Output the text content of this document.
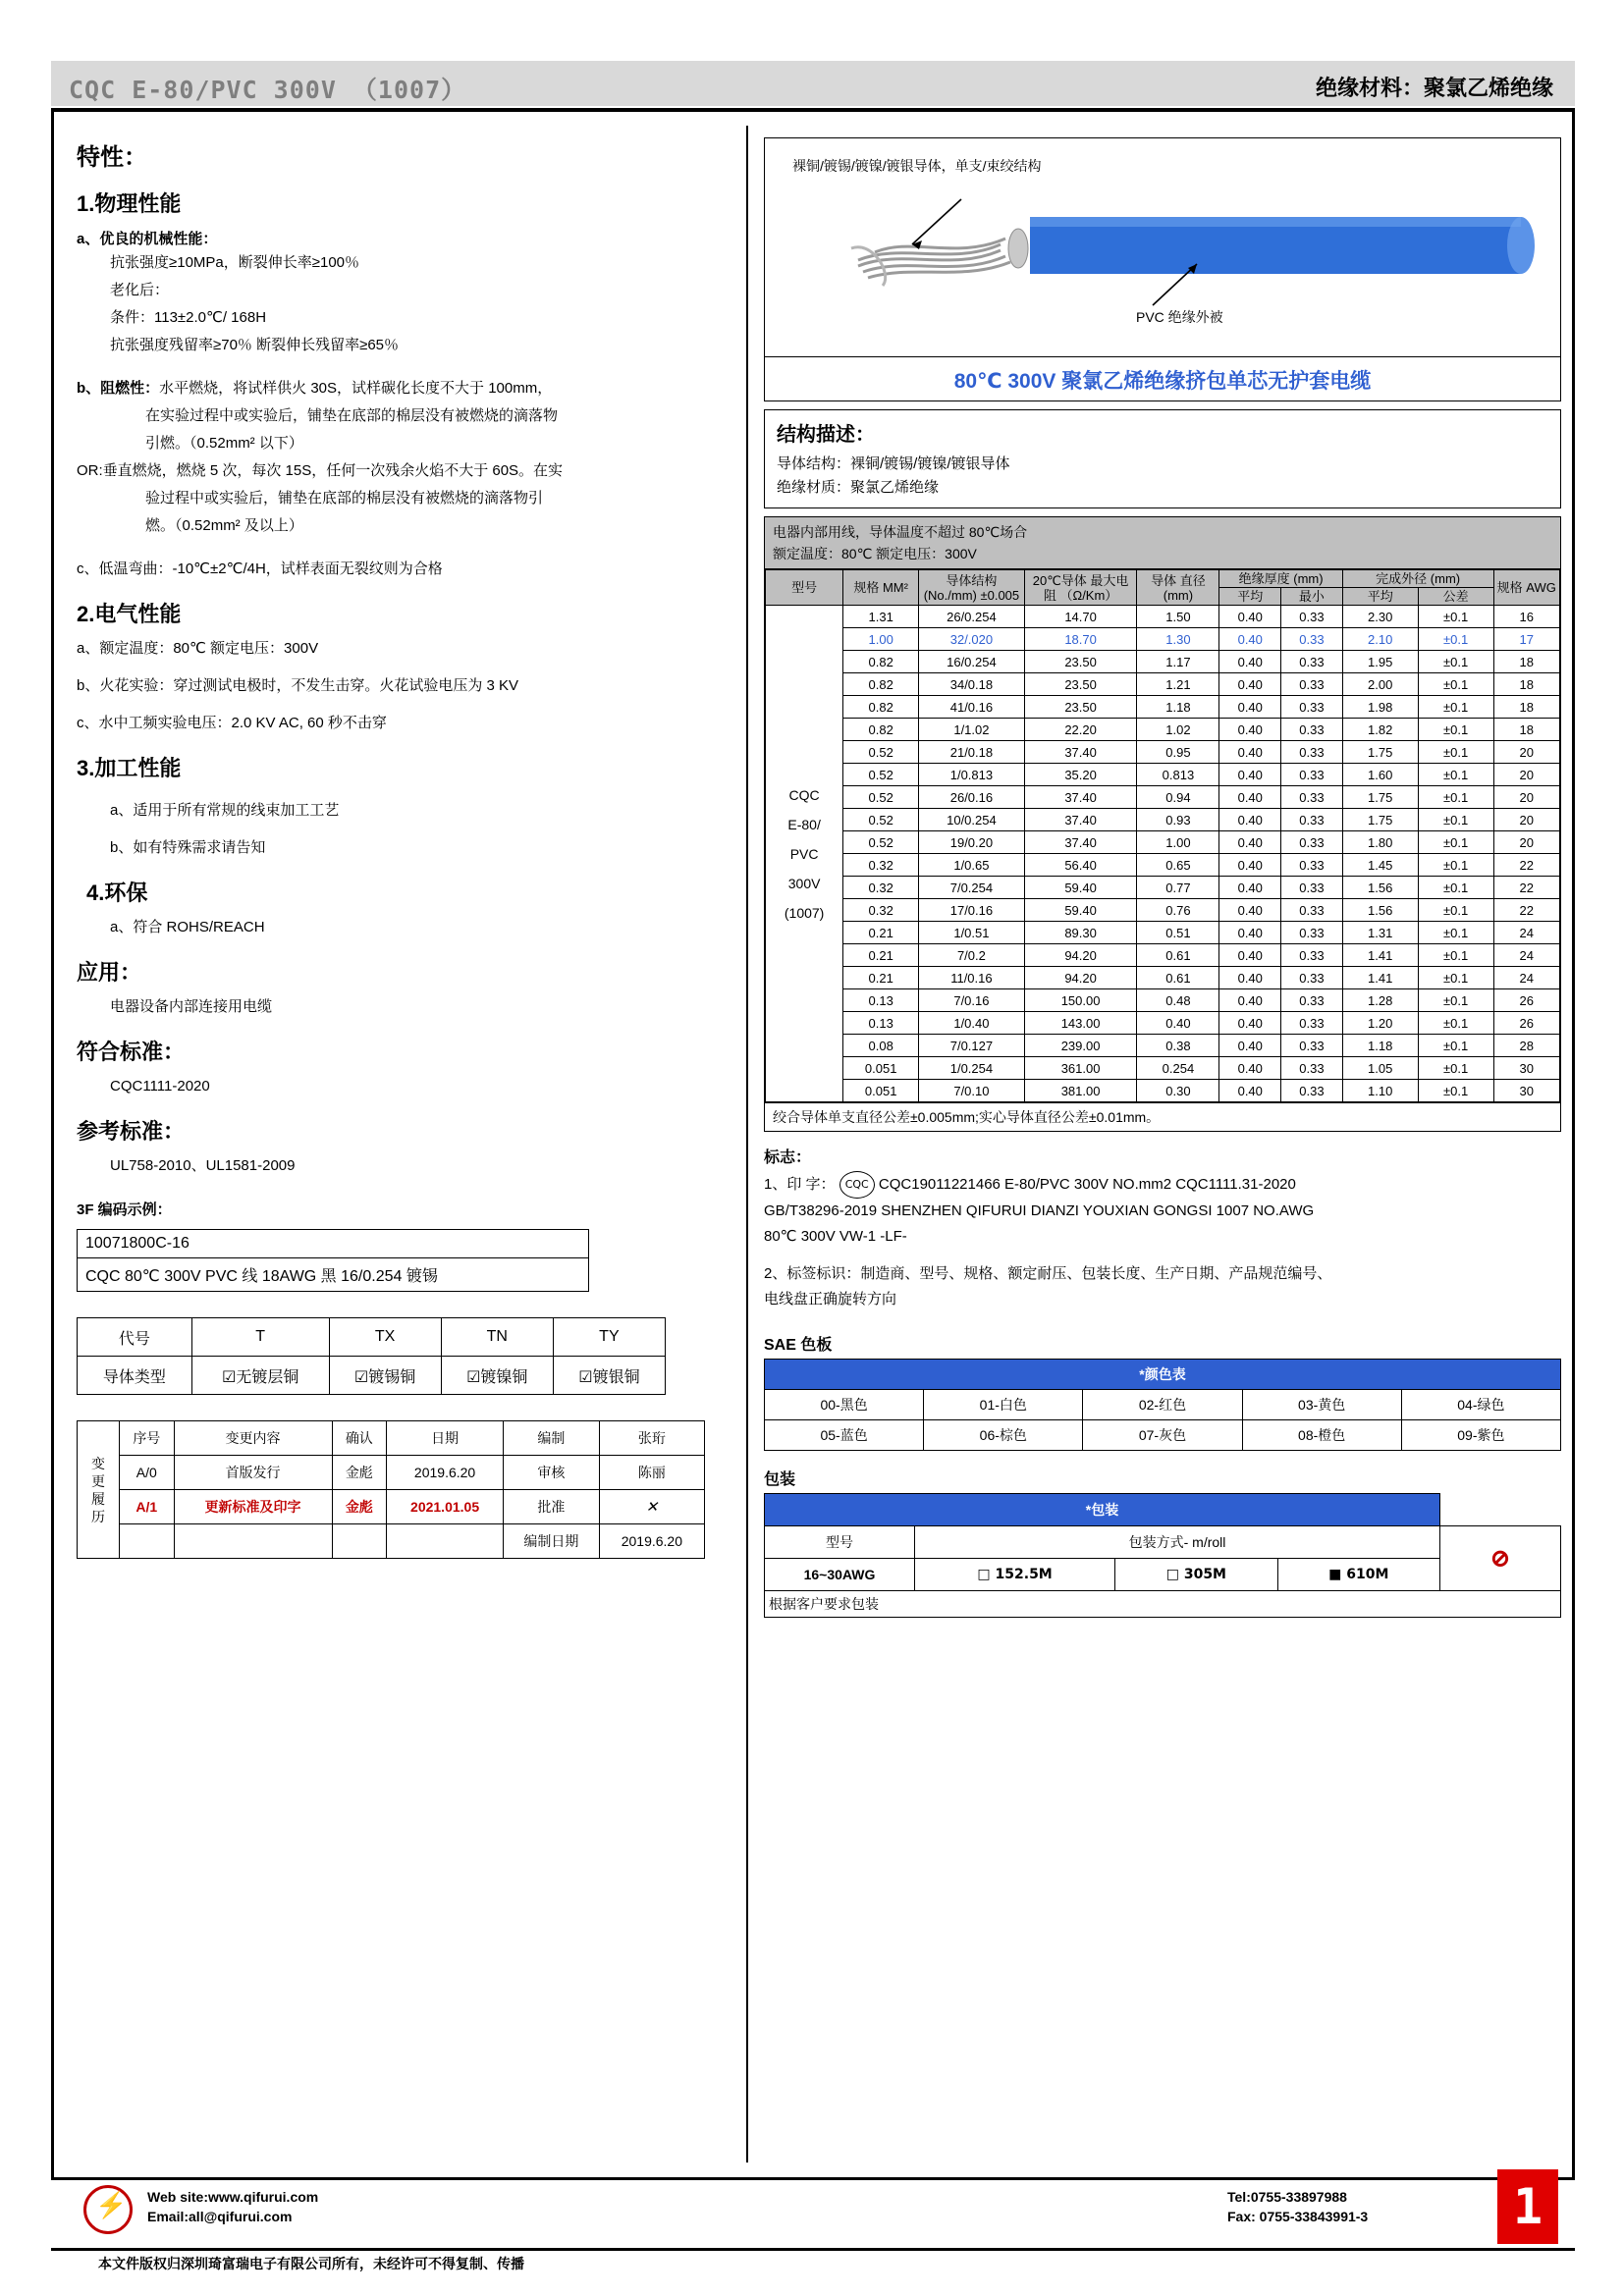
CQC E-80/PVC 300V （1007）	绝缘材料：聚氯乙烯绝缘
特性：
1.物理性能
a、优良的机械性能：
抗张强度≥10MPa，断裂伸长率≥100％
老化后：
条件：113±2.0℃/ 168H
抗张强度残留率≥70％ 断裂伸长残留率≥65％
b、阻燃性：水平燃烧，将试样供火 30S，试样碳化长度不大于 100mm，
在实验过程中或实验后，铺垫在底部的棉层没有被燃烧的滴落物
引燃。（0.52mm² 以下）
OR:垂直燃烧，燃烧 5 次，每次 15S，任何一次残余火焰不大于 60S。在实
验过程中或实验后，铺垫在底部的棉层没有被燃烧的滴落物引
燃。（0.52mm² 及以上）
c、低温弯曲：-10℃±2℃/4H，试样表面无裂纹则为合格
2.电气性能
a、额定温度：80℃ 额定电压：300V
b、火花实验：穿过测试电极时，不发生击穿。火花试验电压为 3 KV
c、水中工频实验电压：2.0 KV AC, 60 秒不击穿
3.加工性能
a、适用于所有常规的线束加工工艺
b、如有特殊需求请告知
4.环保
a、符合 ROHS/REACH
应用：
电器设备内部连接用电缆
符合标准：
CQC1111-2020
参考标准：
UL758-2010、UL1581-2009
3F 编码示例：
10071800C-16
CQC 80℃ 300V PVC 线 18AWG 黑 16/0.254 镀锡
代号	T	TX	TN	TY
导体类型	☑无镀层铜	☑镀锡铜	☑镀镍铜	☑镀银铜
变
更
履
历	序号	变更内容	确认	日期	编制	张珩
	A/0	首版发行	金彪	2019.6.20	审核	陈丽
	A/1	更新标准及印字	金彪	2021.01.05	批准	✕
					编制日期	2019.6.20
裸铜/镀锡/镀镍/镀银导体，单支/束绞结构
PVC 绝缘外被
80℃ 300V 聚氯乙烯绝缘挤包单芯无护套电缆
结构描述：
导体结构：裸铜/镀锡/镀镍/镀银导体
绝缘材质：聚氯乙烯绝缘
电器内部用线，导体温度不超过 80℃场合
额定温度：80℃ 额定电压：300V
型号	规格 MM²	导体结构 (No./mm) ±0.005	20℃导体 最大电阻 （Ω/Km）	导体 直径 (mm)	绝缘厚度 (mm)		完成外径 (mm)		规格 AWG
					平均	最小	平均	公差	

CQC
E-80/
PVC
300V
(1007)	1.31	26/0.254	14.70	1.50	0.40	0.33	2.30	±0.1	16
	1.00	32/.020	18.70	1.30	0.40	0.33	2.10	±0.1	17
	0.82	16/0.254	23.50	1.17	0.40	0.33	1.95	±0.1	18
	0.82	34/0.18	23.50	1.21	0.40	0.33	2.00	±0.1	18
	0.82	41/0.16	23.50	1.18	0.40	0.33	1.98	±0.1	18
	0.82	1/1.02	22.20	1.02	0.40	0.33	1.82	±0.1	18
	0.52	21/0.18	37.40	0.95	0.40	0.33	1.75	±0.1	20
	0.52	1/0.813	35.20	0.813	0.40	0.33	1.60	±0.1	20
	0.52	26/0.16	37.40	0.94	0.40	0.33	1.75	±0.1	20
	0.52	10/0.254	37.40	0.93	0.40	0.33	1.75	±0.1	20
	0.52	19/0.20	37.40	1.00	0.40	0.33	1.80	±0.1	20
	0.32	1/0.65	56.40	0.65	0.40	0.33	1.45	±0.1	22
	0.32	7/0.254	59.40	0.77	0.40	0.33	1.56	±0.1	22
	0.32	17/0.16	59.40	0.76	0.40	0.33	1.56	±0.1	22
	0.21	1/0.51	89.30	0.51	0.40	0.33	1.31	±0.1	24
	0.21	7/0.2	94.20	0.61	0.40	0.33	1.41	±0.1	24
	0.21	11/0.16	94.20	0.61	0.40	0.33	1.41	±0.1	24
	0.13	7/0.16	150.00	0.48	0.40	0.33	1.28	±0.1	26
	0.13	1/0.40	143.00	0.40	0.40	0.33	1.20	±0.1	26
	0.08	7/0.127	239.00	0.38	0.40	0.33	1.18	±0.1	28
	0.051	1/0.254	361.00	0.254	0.40	0.33	1.05	±0.1	30
	0.051	7/0.10	381.00	0.30	0.40	0.33	1.10	±0.1	30
绞合导体单支直径公差±0.005mm;实心导体直径公差±0.01mm。
标志：
1、印 字： CQC CQC19011221466 E-80/PVC 300V NO.mm2 CQC1111.31-2020
GB/T38296-2019 SHENZHEN QIFURUI DIANZI YOUXIAN GONGSI 1007 NO.AWG
80℃ 300V VW-1 -LF-
2、标签标识：制造商、型号、规格、额定耐压、包装长度、生产日期、产品规范编号、
电线盘正确旋转方向
SAE 色板
*颜色表				
00-黑色	01-白色	02-红色	03-黄色	04-绿色
05-蓝色	06-棕色	07-灰色	08-橙色	09-紫色
包装
*包装				
型号	包装方式- m/roll			⊘
16~30AWG	□ 152.5M	□ 305M	■ 610M	
根据客户要求包装
⚡ Web site:www.qifurui.com
Email:all@qifurui.com
Tel:0755-33897988
Fax: 0755-33843991-3
本文件版权归深圳琦富瑞电子有限公司所有，未经许可不得复制、传播
1
